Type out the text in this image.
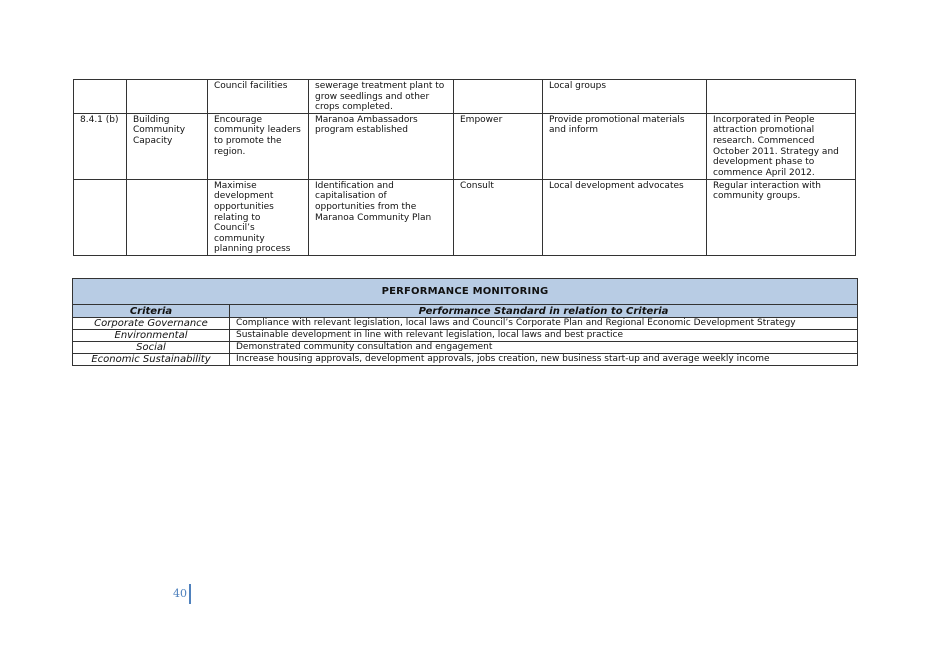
		Council facilities	sewerage treatment plant to grow seedlings and other crops completed.		Local groups	
8.4.1 (b)	Building Community Capacity	Encourage community leaders to promote the region.	Maranoa Ambassadors program established	Empower	Provide promotional materials and inform	Incorporated in People attraction promotional research. Commenced October 2011. Strategy and development phase to commence April 2012.
		Maximise development opportunities relating to Council’s community planning process	Identification and capitalisation of opportunities from the Maranoa Community Plan	Consult	Local development advocates	Regular interaction with community groups.
PERFORMANCE MONITORING	
Criteria	Performance Standard in relation to Criteria
Corporate Governance	Compliance with relevant legislation, local laws and Council’s Corporate Plan and Regional Economic Development Strategy
Environmental	Sustainable development in line with relevant legislation, local laws and best practice
Social	Demonstrated community consultation and engagement
Economic Sustainability	Increase housing approvals, development approvals, jobs creation, new business start-up and average weekly income
40
